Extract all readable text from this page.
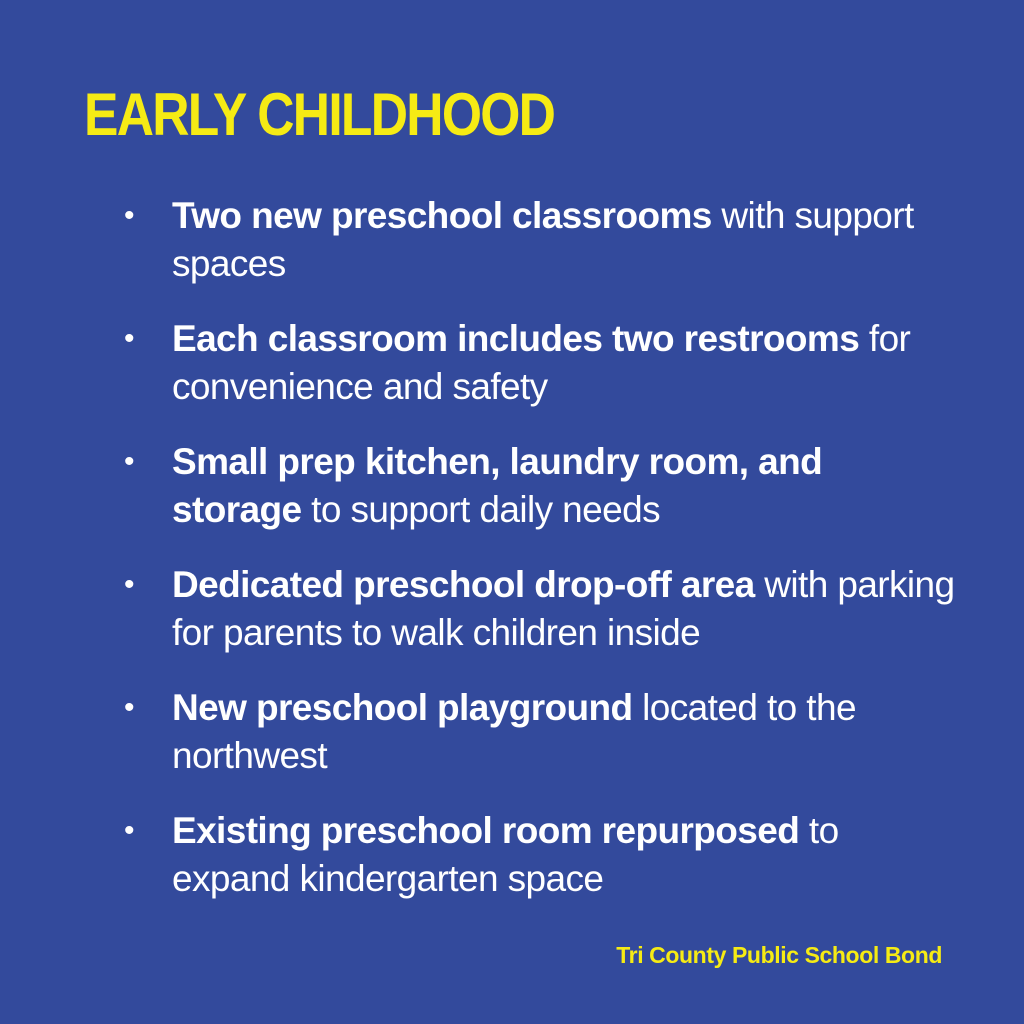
EARLY CHILDHOOD
• Two new preschool classrooms with support spaces
• Each classroom includes two restrooms for convenience and safety
• Small prep kitchen, laundry room, and storage to support daily needs
• Dedicated preschool drop-off area with parking for parents to walk children inside
• New preschool playground located to the northwest
• Existing preschool room repurposed to expand kindergarten space
Tri County Public School Bond
